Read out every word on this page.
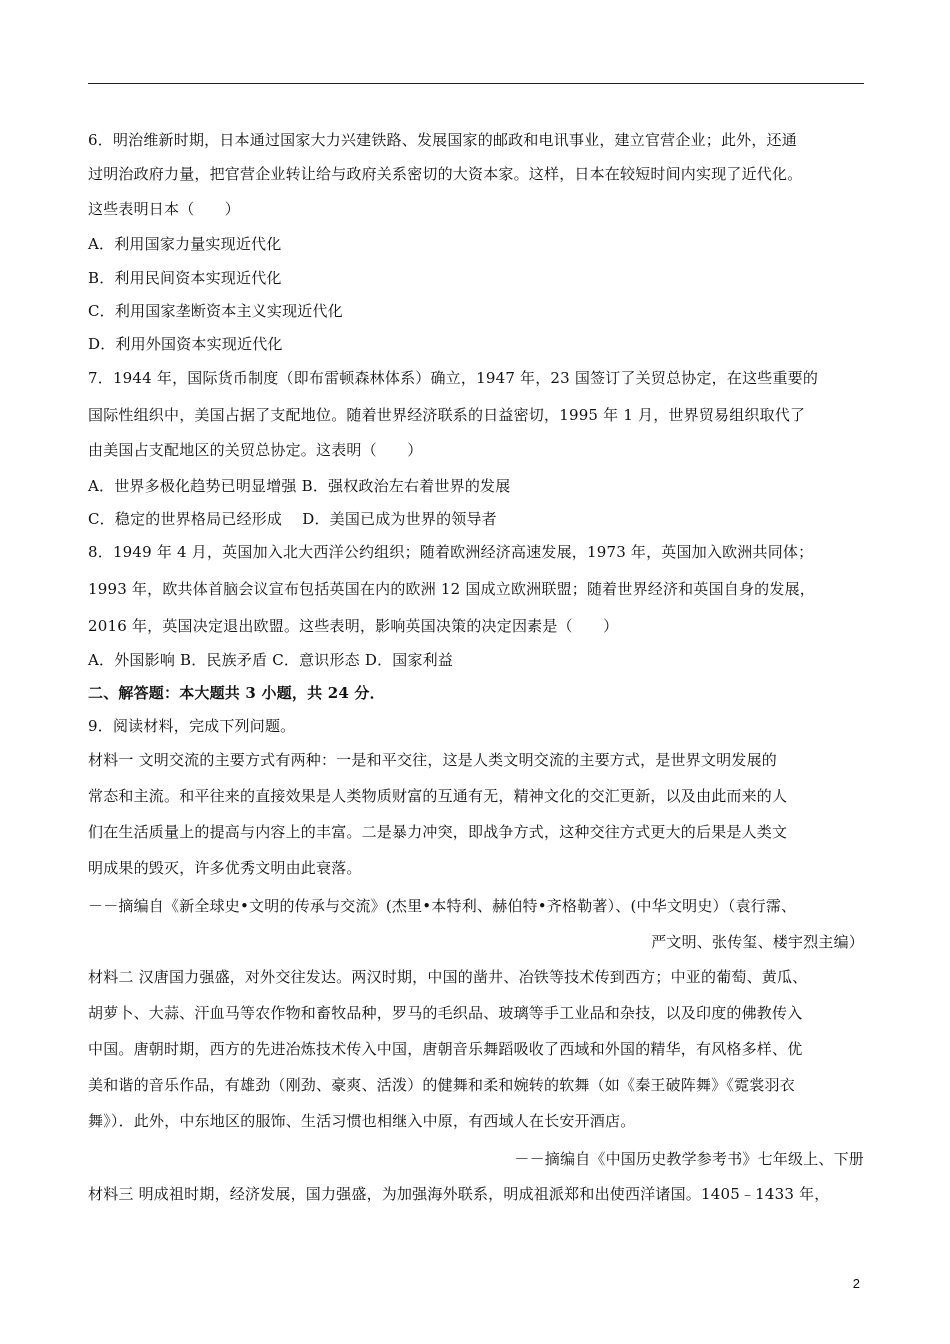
6．明治维新时期，日本通过国家大力兴建铁路、发展国家的邮政和电讯事业，建立官营企业；此外，还通
过明治政府力量，把官营企业转让给与政府关系密切的大资本家。这样，日本在较短时间内实现了近代化。
这些表明日本（　　）
A．利用国家力量实现近代化
B．利用民间资本实现近代化
C．利用国家垄断资本主义实现近代化
D．利用外国资本实现近代化
7．1944 年，国际货币制度（即布雷顿森林体系）确立，1947 年，23 国签订了关贸总协定，在这些重要的
国际性组织中，美国占据了支配地位。随着世界经济联系的日益密切，1995 年 1 月，世界贸易组织取代了
由美国占支配地区的关贸总协定。这表明（　　）
A．世界多极化趋势已明显增强 B．强权政治左右着世界的发展
C．稳定的世界格局已经形成　 D．美国已成为世界的领导者
8．1949 年 4 月，英国加入北大西洋公约组织；随着欧洲经济高速发展，1973 年，英国加入欧洲共同体；
1993 年，欧共体首脑会议宣布包括英国在内的欧洲 12 国成立欧洲联盟；随着世界经济和英国自身的发展，
2016 年，英国决定退出欧盟。这些表明，影响英国决策的决定因素是（　　）
A．外国影响 B．民族矛盾 C．意识形态 D．国家利益
二、解答题：本大题共 3 小题，共 24 分．
9．阅读材料，完成下列问题。
材料一 文明交流的主要方式有两种：一是和平交往，这是人类文明交流的主要方式，是世界文明发展的
常态和主流。和平往来的直接效果是人类物质财富的互通有无，精神文化的交汇更新，以及由此而来的人
们在生活质量上的提高与内容上的丰富。二是暴力冲突，即战争方式，这种交往方式更大的后果是人类文
明成果的毁灭，许多优秀文明由此衰落。
－－摘编自《新全球史•文明的传承与交流》(杰里•本特利、赫伯特•齐格勒著）、(中华文明史）（袁行霈、
严文明、张传玺、楼宇烈主编）
材料二 汉唐国力强盛，对外交往发达。两汉时期，中国的凿井、冶铁等技术传到西方；中亚的葡萄、黄瓜、
胡萝卜、大蒜、汗血马等农作物和畜牧品种，罗马的毛织品、玻璃等手工业品和杂技，以及印度的佛教传入
中国。唐朝时期，西方的先进冶炼技术传入中国，唐朝音乐舞蹈吸收了西域和外国的精华，有风格多样、优
美和谐的音乐作品，有雄劲（刚劲、豪爽、活泼）的健舞和柔和婉转的软舞（如《秦王破阵舞》《霓裳羽衣
舞》）．此外，中东地区的服饰、生活习惯也相继入中原，有西域人在长安开酒店。
－－摘编自《中国历史教学参考书》七年级上、下册
材料三 明成祖时期，经济发展，国力强盛，为加强海外联系，明成祖派郑和出使西洋诸国。1405﹣1433 年，
2
